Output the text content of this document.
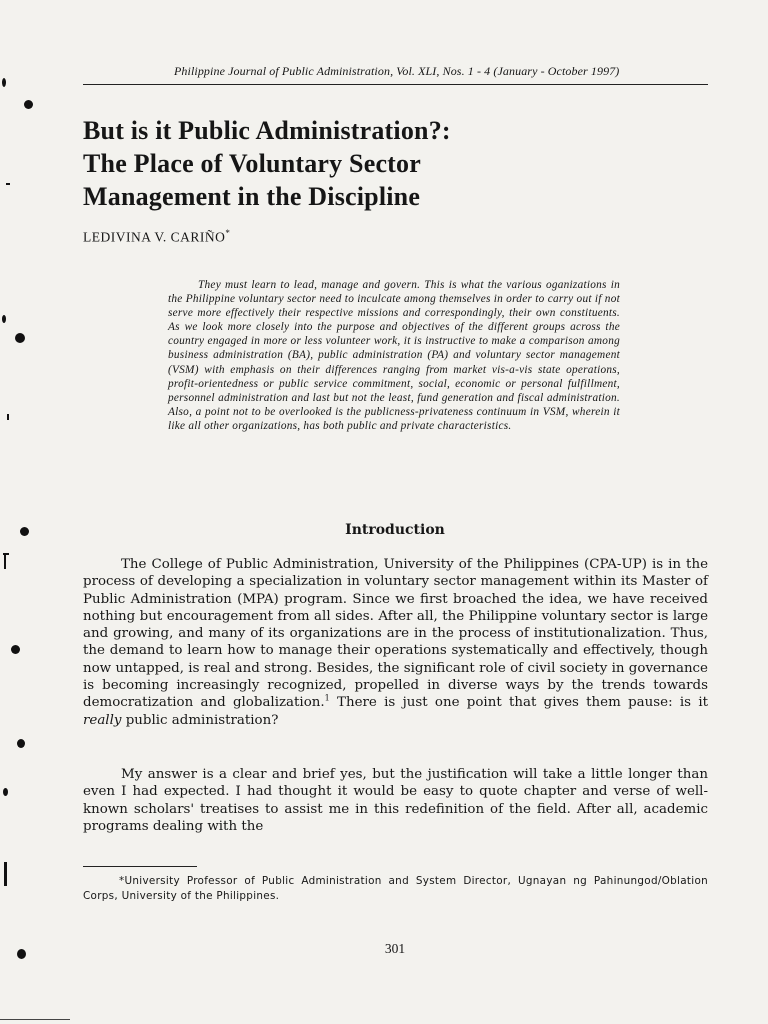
Philippine Journal of Public Administration, Vol. XLI, Nos. 1 - 4 (January - October 1997)
But is it Public Administration?:
The Place of Voluntary Sector
Management in the Discipline
LEDIVINA V. CARIÑO*

They must learn to lead, manage and govern. This is what the various oganizations in the Philippine voluntary sector need to inculcate among themselves in order to carry out if not serve more effectively their respective missions and correspondingly, their own constituents. As we look more closely into the purpose and objectives of the different groups across the country engaged in more or less volunteer work, it is instructive to make a comparison among business administration (BA), public administration (PA) and voluntary sector management (VSM) with emphasis on their differences ranging from market vis-a-vis state operations, profit-orientedness or public service commitment, social, economic or personal fulfillment, personnel administration and last but not the least, fund generation and fiscal administration. Also, a point not to be overlooked is the publicness-privateness continuum in VSM, wherein it like all other organizations, has both public and private characteristics.

Introduction

The College of Public Administration, University of the Philippines (CPA-UP) is in the process of developing a specialization in voluntary sector management within its Master of Public Administration (MPA) program. Since we first broached the idea, we have received nothing but encouragement from all sides. After all, the Philippine voluntary sector is large and growing, and many of its organizations are in the process of institutionalization. Thus, the demand to learn how to manage their operations systematically and effectively, though now untapped, is real and strong. Besides, the significant role of civil society in governance is becoming increasingly recognized, propelled in diverse ways by the trends towards democratization and globalization.$^1$ There is just one point that gives them pause: is it really public administration?

My answer is a clear and brief yes, but the justification will take a little longer than even I had expected. I had thought it would be easy to quote chapter and verse of well-known scholars' treatises to assist me in this redefinition of the field. After all, academic programs dealing with the

*University Professor of Public Administration and System Director, Ugnayan ng Pahinungod/Oblation Corps, University of the Philippines.

301
